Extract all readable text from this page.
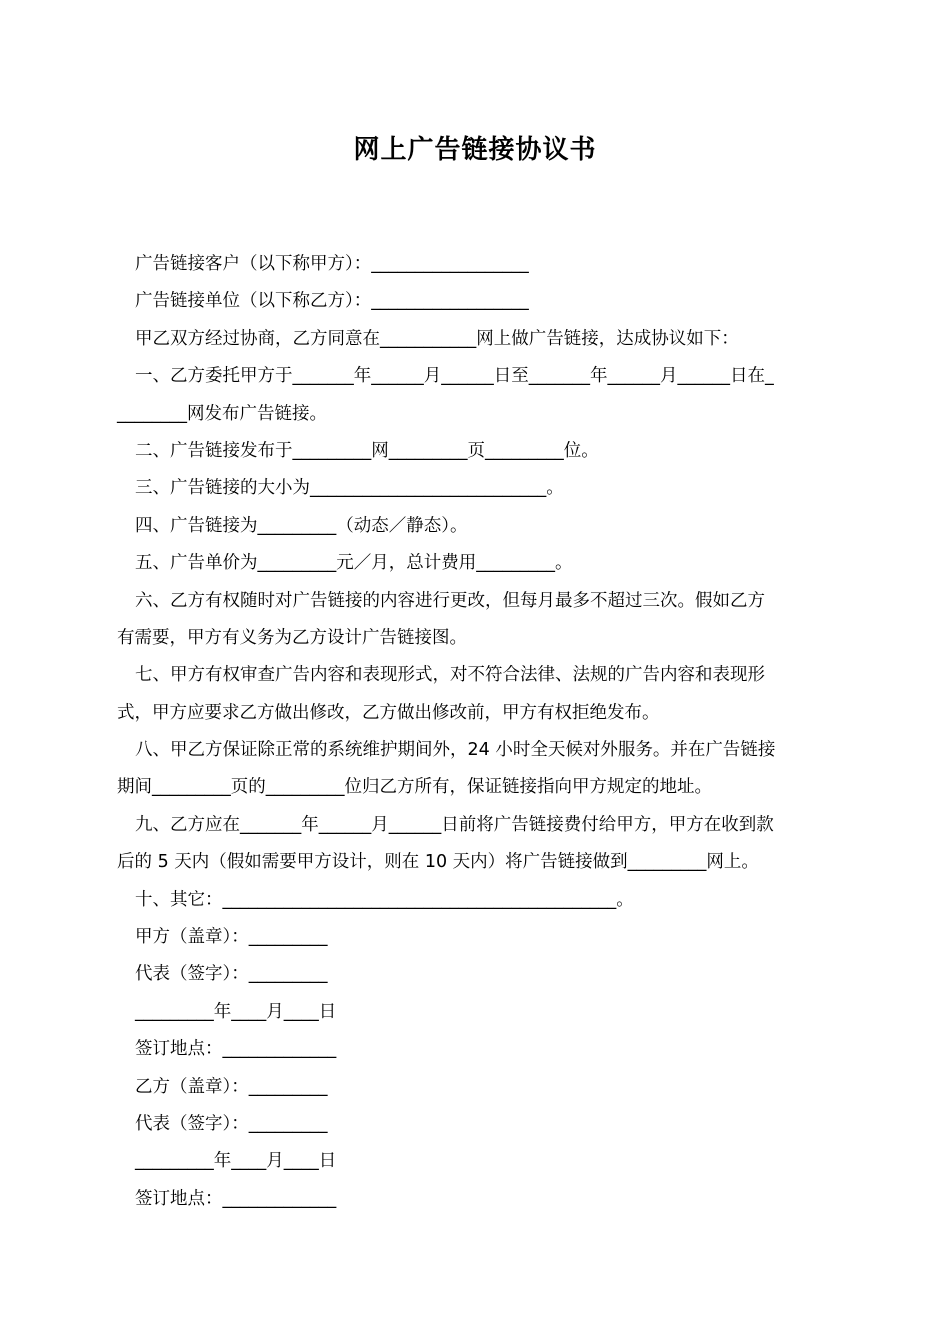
网上广告链接协议书
广告链接客户（以下称甲方）：__________________
广告链接单位（以下称乙方）：__________________
甲乙双方经过协商，乙方同意在___________网上做广告链接，达成协议如下：
一、乙方委托甲方于_______年______月______日至_______年______月______日在_
________网发布广告链接。
二、广告链接发布于_________网_________页_________位。
三、广告链接的大小为___________________________。
四、广告链接为_________（动态／静态）。
五、广告单价为_________元／月，总计费用_________。
六、乙方有权随时对广告链接的内容进行更改，但每月最多不超过三次。假如乙方
有需要，甲方有义务为乙方设计广告链接图。
七、甲方有权审查广告内容和表现形式，对不符合法律、法规的广告内容和表现形
式，甲方应要求乙方做出修改，乙方做出修改前，甲方有权拒绝发布。
八、甲乙方保证除正常的系统维护期间外，24 小时全天候对外服务。并在广告链接
期间_________页的_________位归乙方所有，保证链接指向甲方规定的地址。
九、乙方应在_______年______月______日前将广告链接费付给甲方，甲方在收到款
后的 5 天内（假如需要甲方设计，则在 10 天内）将广告链接做到_________网上。
十、其它：_____________________________________________。
甲方（盖章）：_________
代表（签字）：_________
_________年____月____日
签订地点：_____________
乙方（盖章）：_________
代表（签字）：_________
_________年____月____日
签订地点：_____________
